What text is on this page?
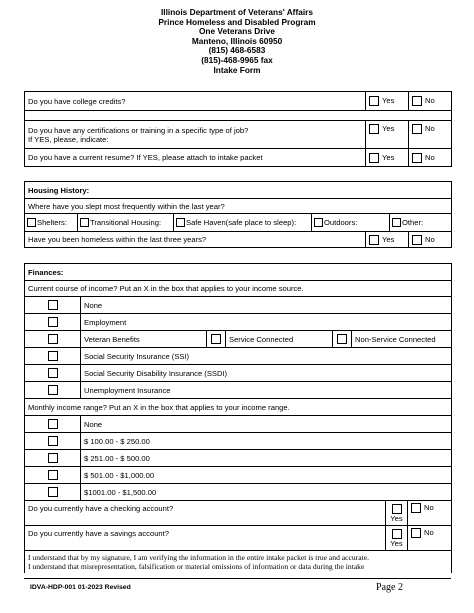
Illinois Department of Veterans' Affairs
Prince Homeless and Disabled Program
One Veterans Drive
Manteno, Illinois 60950
(815) 468-6583
(815)-468-9965 fax
Intake Form
Do you have college credits?	Yes	No

Do you have any certifications or training in a specific type of job?
If YES, please, indicate:	Yes	No
Do you have a current resume? If YES, please attach to intake packet	Yes	No
Housing History:
Where have you slept most frequently within the last year?

Shelters:	Transitional Housing:	Safe Haven(safe place to sleep):	Outdoors:	Other:

Have you been homeless within the last three years?	Yes	No
Finances:							
Current course of income? Put an X in the box that applies to your income source.							
	None						
	Employment						
	Veteran Benefits		Service Connected		Non-Service Connected		
	Social Security Insurance (SSI)						
	Social Security Disability Insurance (SSDI)						
	Unemployment Insurance						
Monthly income range? Put an X in the box that applies to your income range.							
	None						
	$ 100.00 - $ 250.00						
	$ 251.00 - $ 500.00						
	$ 501.00 - $1,000.00						
	$1001.00 - $1,500.00						
Do you currently have a checking account?						Yes	No
Do you currently have a savings account?						Yes	No

I understand that by my signature, I am verifying the information in the entire intake packet is true and accurate.
I understand that misrepresentation, falsification or material omissions of information or data during the intake							
IDVA-HDP-001 01-2023 Revised	Page 2
